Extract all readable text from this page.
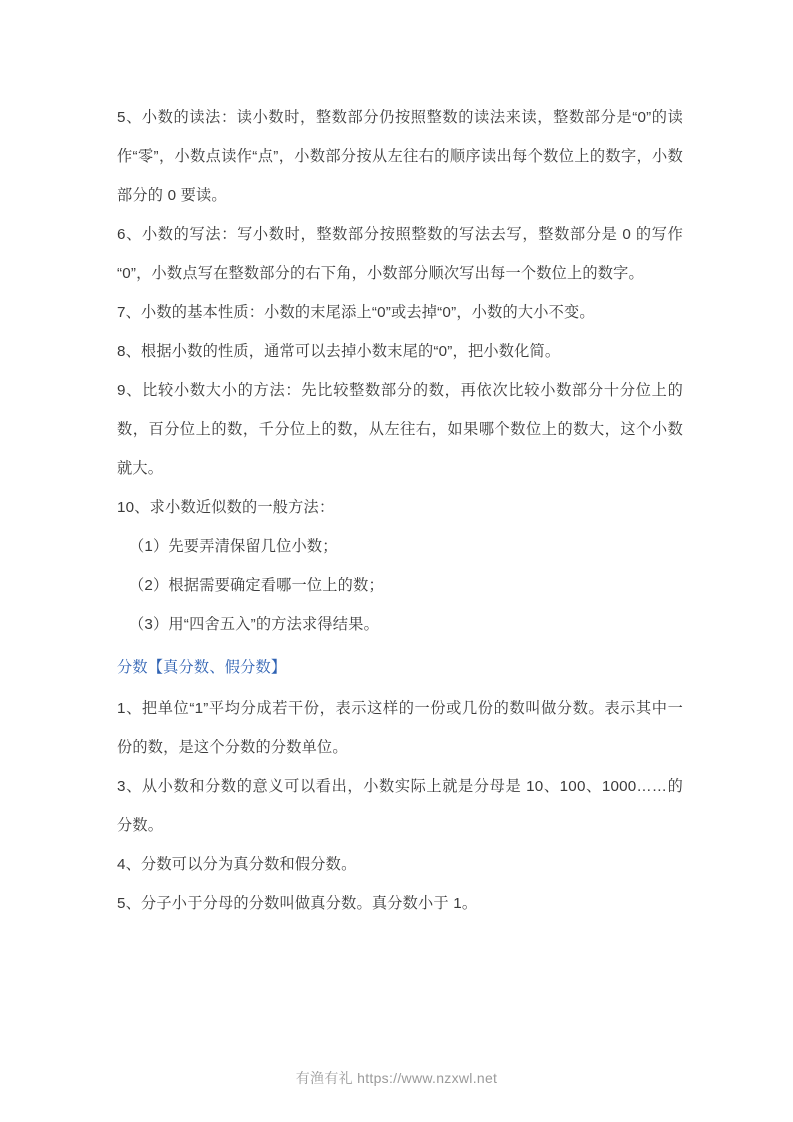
5、小数的读法：读小数时，整数部分仍按照整数的读法来读，整数部分是“0”的读作“零”，小数点读作“点”，小数部分按从左往右的顺序读出每个数位上的数字，小数部分的 0 要读。

6、小数的写法：写小数时，整数部分按照整数的写法去写，整数部分是 0 的写作“0”，小数点写在整数部分的右下角，小数部分顺次写出每一个数位上的数字。

7、小数的基本性质：小数的末尾添上“0”或去掉“0”，小数的大小不变。

8、根据小数的性质，通常可以去掉小数末尾的“0”，把小数化简。

9、比较小数大小的方法：先比较整数部分的数，再依次比较小数部分十分位上的数，百分位上的数，千分位上的数，从左往右，如果哪个数位上的数大，这个小数就大。

10、求小数近似数的一般方法：

（1）先要弄清保留几位小数；

（2）根据需要确定看哪一位上的数；

（3）用“四舍五入”的方法求得结果。

分数【真分数、假分数】

1、把单位“1”平均分成若干份，表示这样的一份或几份的数叫做分数。表示其中一份的数，是这个分数的分数单位。

3、从小数和分数的意义可以看出，小数实际上就是分母是 10、100、1000……的分数。

4、分数可以分为真分数和假分数。

5、分子小于分母的分数叫做真分数。真分数小于 1。

有渔有礼 https://www.nzxwl.net
